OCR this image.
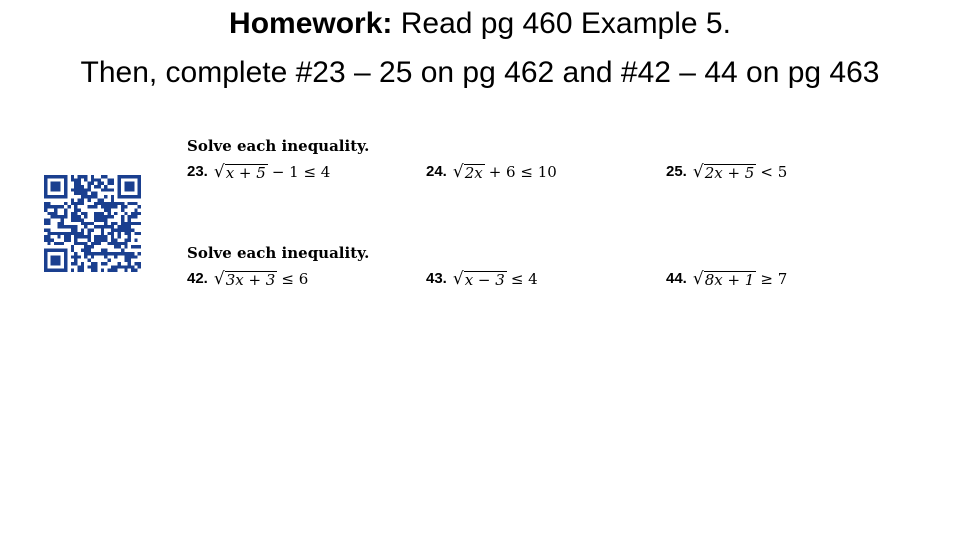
Homework: Read pg 460 Example 5.
Then, complete #23 – 25 on pg 462 and #42 – 44 on pg 463
Solve each inequality.
23. √ x + 5 − 1 ≤ 4	24. √ 2x + 6 ≤ 10	25. √ 2x + 5 < 5
Solve each inequality.
42. √ 3x + 3 ≤ 6	43. √ x − 3 ≤ 4	44. √ 8x + 1 ≥ 7
